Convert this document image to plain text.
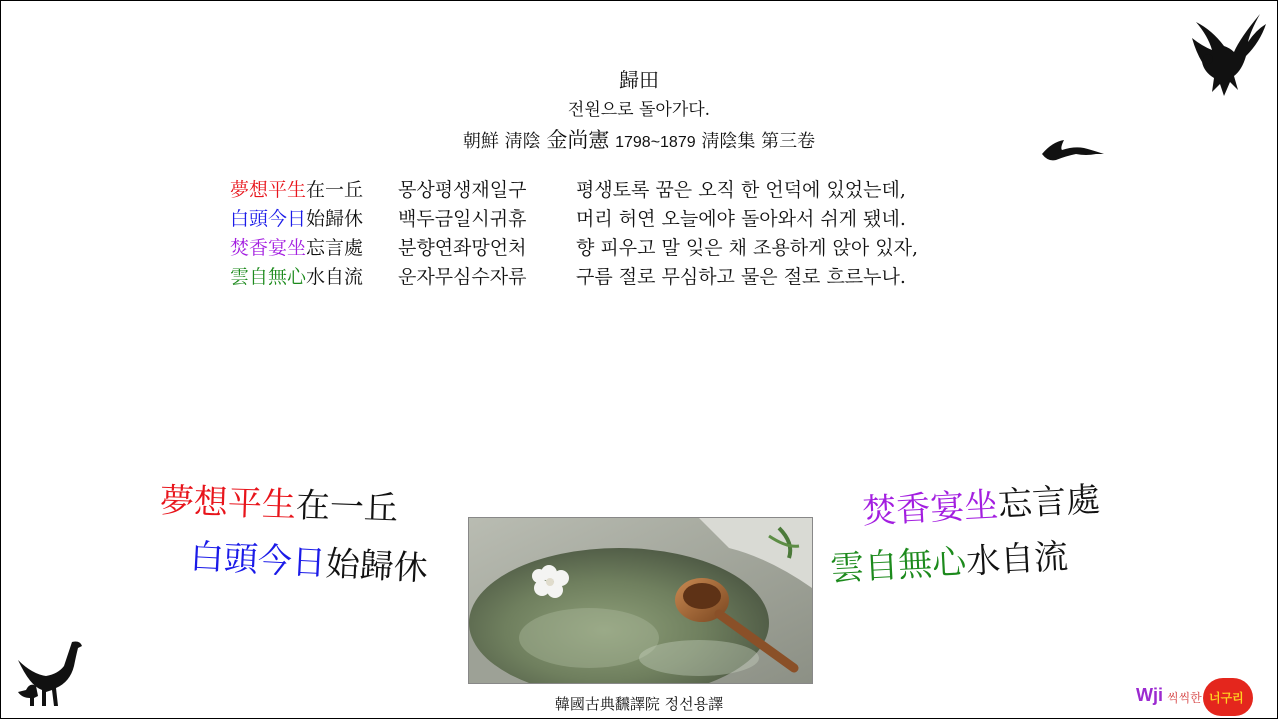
歸田
전원으로 돌아가다.
朝鮮 淸陰 金尚憲 1798~1879 淸陰集 第三卷
夢想平生在一丘 몽상평생재일구	평생토록 꿈은 오직 한 언덕에 있었는데,
白頭今日始歸休 백두금일시귀휴	머리 허연 오늘에야 돌아와서 쉬게 됐네.
焚香宴坐忘言處 분향연좌망언처	향 피우고 말 잊은 채 조용하게 앉아 있자,
雲自無心水自流 운자무심수자류	구름 절로 무심하고 물은 절로 흐르누나.
夢想平生在一丘
白頭今日始歸休
焚香宴坐忘言處
雲自無心水自流
韓國古典飜譯院 정선용譯	Wji 씩씩한 너구리
